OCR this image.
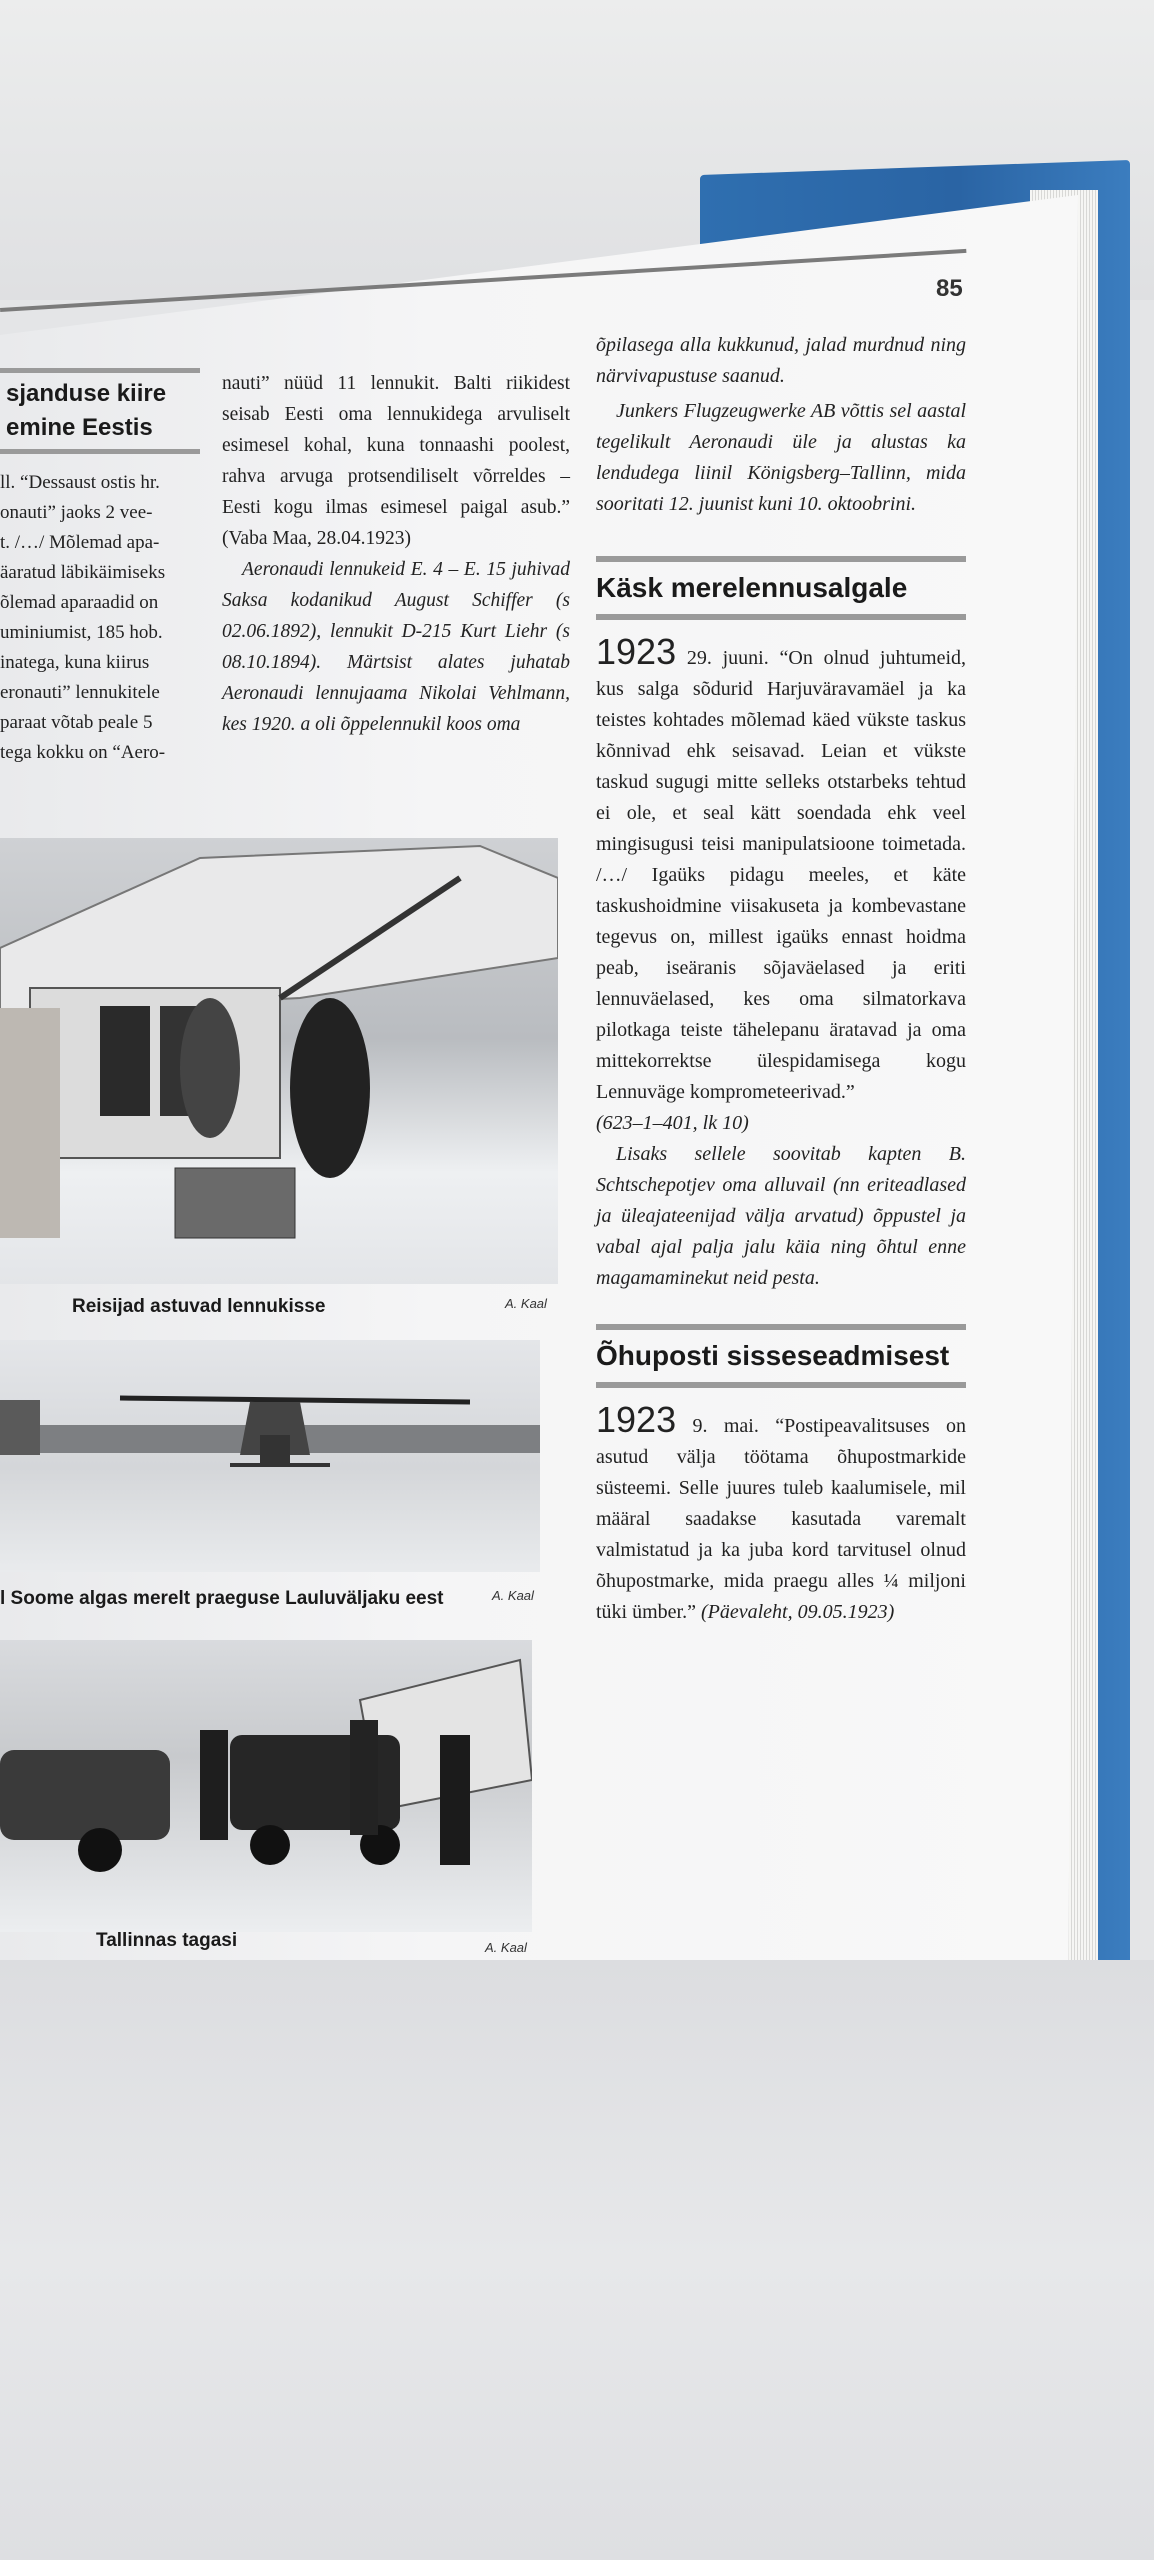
85
sjanduse kiire
emine Eestis
ll. “Dessaust ostis hr.
onauti” jaoks 2 vee-
t. /…/ Mõlemad apa-
äaratud läbikäimiseks
õlemad aparaadid on
uminiumist, 185 hob.
inatega, kuna kiirus
eronauti” lennukitele
paraat võtab peale 5
tega kokku on “Aero-

nauti” nüüd 11 lennukit. Balti riikidest seisab Eesti oma lennukidega arvuliselt esimesel kohal, kuna tonnaashi poolest, rahva arvuga protsendiliselt võrreldes – Eesti kogu ilmas esimesel paigal asub.” (Vaba Maa, 28.04.1923)

Aeronaudi lennukeid E. 4 – E. 15 juhivad Saksa kodanikud August Schiffer (s 02.06.1892), lennukit D-215 Kurt Liehr (s 08.10.1894). Märtsist alates juhatab Aeronaudi lennujaama Nikolai Vehlmann, kes 1920. a oli õppelennukil koos oma

Reisijad astuvad lennukisse	A. Kaal
l Soome algas merelt praeguse Lauluväljaku eest	A. Kaal
Tallinnas tagasi	A. Kaal

õpilasega alla kukkunud, jalad murdnud ning närvivapustuse saanud.

Junkers Flugzeugwerke AB võttis sel aastal tegelikult Aeronaudi üle ja alustas ka lendudega liinil Königsberg–Tallinn, mida sooritati 12. juunist kuni 10. oktoobrini.

Käsk merelennusalgale

1923 29. juuni. “On olnud juhtumeid, kus salga sõdurid Harjuväravamäel ja ka teistes kohtades mõlemad käed vükste taskus kõnnivad ehk seisavad. Leian et vükste taskud sugugi mitte selleks otstarbeks tehtud ei ole, et seal kätt soendada ehk veel mingisugusi teisi manipulatsioone toimetada. /…/ Igaüks pidagu meeles, et käte taskushoidmine viisakuseta ja kombevastane tegevus on, millest igaüks ennast hoidma peab, iseäranis sõjaväelased ja eriti lennuväelased, kes oma silmatorkava pilotkaga teiste tähelepanu äratavad ja oma mittekorrektse ülespidamisega kogu Lennuväge komprometeerivad.”

(623–1–401, lk 10)

Lisaks sellele soovitab kapten B. Schtschepotjev oma alluvail (nn eriteadlased ja üleajateenijad välja arvatud) õppustel ja vabal ajal palja jalu käia ning õhtul enne magamaminekut neid pesta.

Õhuposti sisseseadmisest

1923 9. mai. “Postipeavalitsuses on asutud välja töötama õhupostmarkide süsteemi. Selle juures tuleb kaalumisele, mil määral saadakse kasutada varemalt valmistatud ja ka juba kord tarvitusel olnud õhupostmarke, mida praegu alles ¼ miljoni tüki ümber.” (Päevaleht, 09.05.1923)
